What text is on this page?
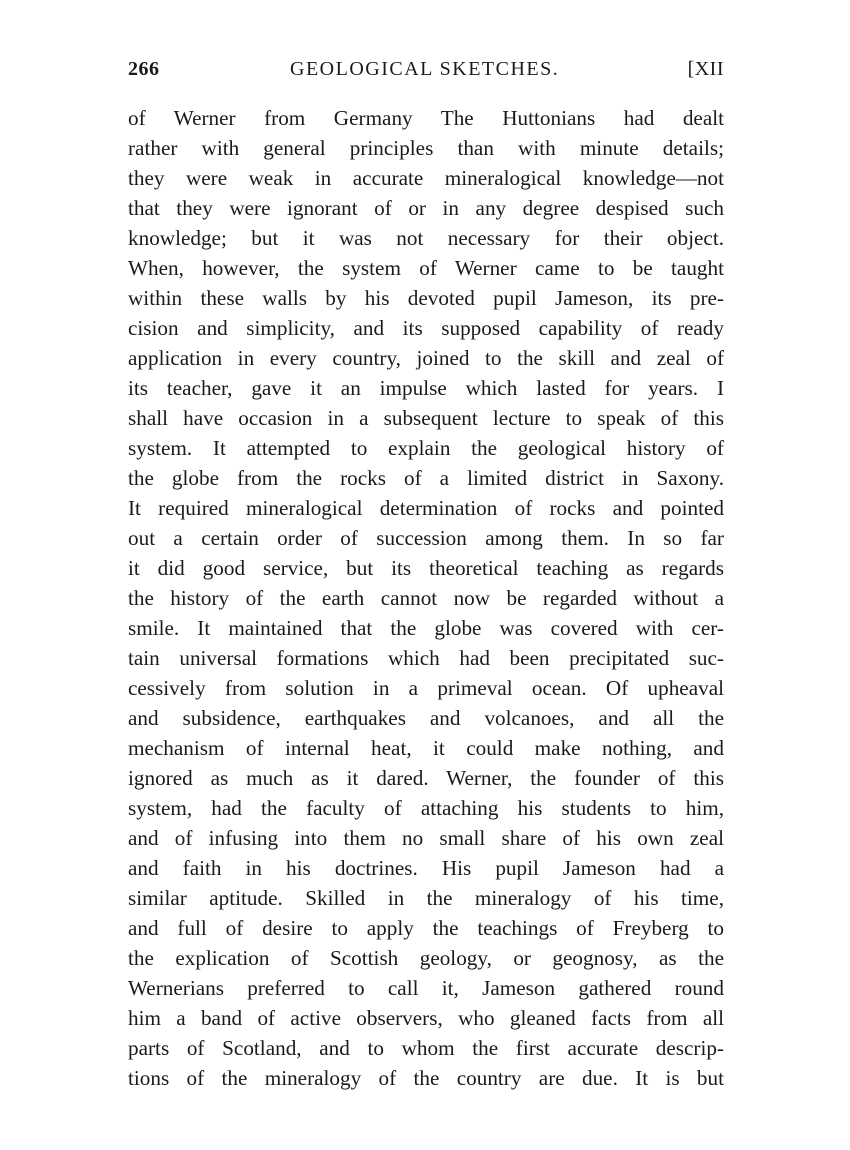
266	GEOLOGICAL SKETCHES.	[XII
of Werner from Germany The Huttonians had dealt
rather with general principles than with minute details;
they were weak in accurate mineralogical knowledge—not
that they were ignorant of or in any degree despised such
knowledge; but it was not necessary for their object.
When, however, the system of Werner came to be taught
within these walls by his devoted pupil Jameson, its pre-
cision and simplicity, and its supposed capability of ready
application in every country, joined to the skill and zeal of
its teacher, gave it an impulse which lasted for years. I
shall have occasion in a subsequent lecture to speak of this
system. It attempted to explain the geological history of
the globe from the rocks of a limited district in Saxony.
It required mineralogical determination of rocks and pointed
out a certain order of succession among them. In so far
it did good service, but its theoretical teaching as regards
the history of the earth cannot now be regarded without a
smile. It maintained that the globe was covered with cer-
tain universal formations which had been precipitated suc-
cessively from solution in a primeval ocean. Of upheaval
and subsidence, earthquakes and volcanoes, and all the
mechanism of internal heat, it could make nothing, and
ignored as much as it dared. Werner, the founder of this
system, had the faculty of attaching his students to him,
and of infusing into them no small share of his own zeal
and faith in his doctrines. His pupil Jameson had a
similar aptitude. Skilled in the mineralogy of his time,
and full of desire to apply the teachings of Freyberg to
the explication of Scottish geology, or geognosy, as the
Wernerians preferred to call it, Jameson gathered round
him a band of active observers, who gleaned facts from all
parts of Scotland, and to whom the first accurate descrip-
tions of the mineralogy of the country are due. It is but
